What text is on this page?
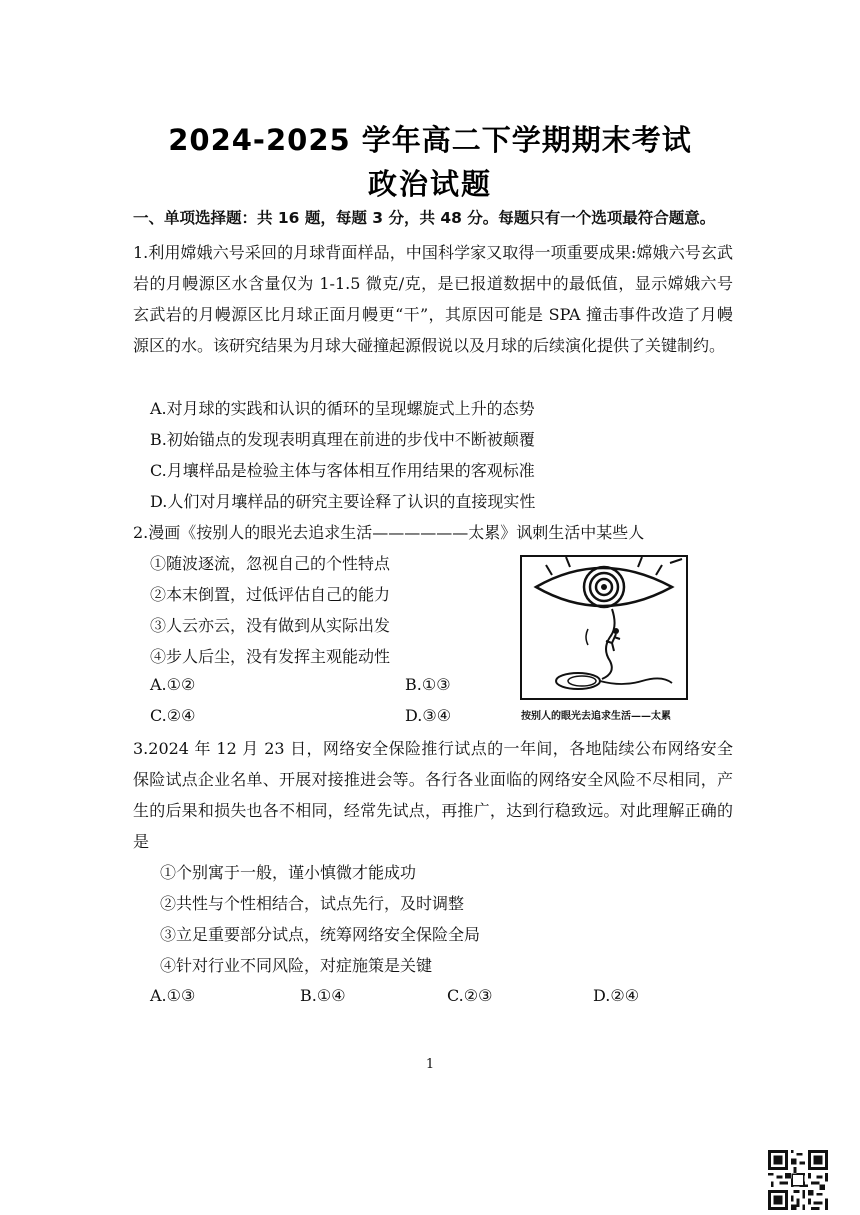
2024-2025 学年高二下学期期末考试
政治试题
一、单项选择题：共 16 题，每题 3 分，共 48 分。每题只有一个选项最符合题意。
1.利用嫦娥六号采回的月球背面样品，中国科学家又取得一项重要成果:嫦娥六号玄武岩的月幔源区水含量仅为 1-1.5 微克/克，是已报道数据中的最低值，显示嫦娥六号玄武岩的月幔源区比月球正面月幔更“干”，其原因可能是 SPA 撞击事件改造了月幔源区的水。该研究结果为月球大碰撞起源假说以及月球的后续演化提供了关键制约。
A.对月球的实践和认识的循环的呈现螺旋式上升的态势
B.初始锚点的发现表明真理在前进的步伐中不断被颠覆
C.月壤样品是检验主体与客体相互作用结果的客观标准
D.人们对月壤样品的研究主要诠释了认识的直接现实性
2.漫画《按别人的眼光去追求生活——————太累》讽刺生活中某些人
①随波逐流，忽视自己的个性特点
②本末倒置，过低评估自己的能力
③人云亦云，没有做到从实际出发
④步人后尘，没有发挥主观能动性
A.①②	B.①③
C.②④	D.③④	按别人的眼光去追求生活——太累
3.2024 年 12 月 23 日，网络安全保险推行试点的一年间，各地陆续公布网络安全保险试点企业名单、开展对接推进会等。各行各业面临的网络安全风险不尽相同，产生的后果和损失也各不相同，经常先试点，再推广，达到行稳致远。对此理解正确的是
①个别寓于一般，谨小慎微才能成功
②共性与个性相结合，试点先行，及时调整
③立足重要部分试点，统筹网络安全保险全局
④针对行业不同风险，对症施策是关键
A.①③	B.①④	C.②③	D.②④
1
